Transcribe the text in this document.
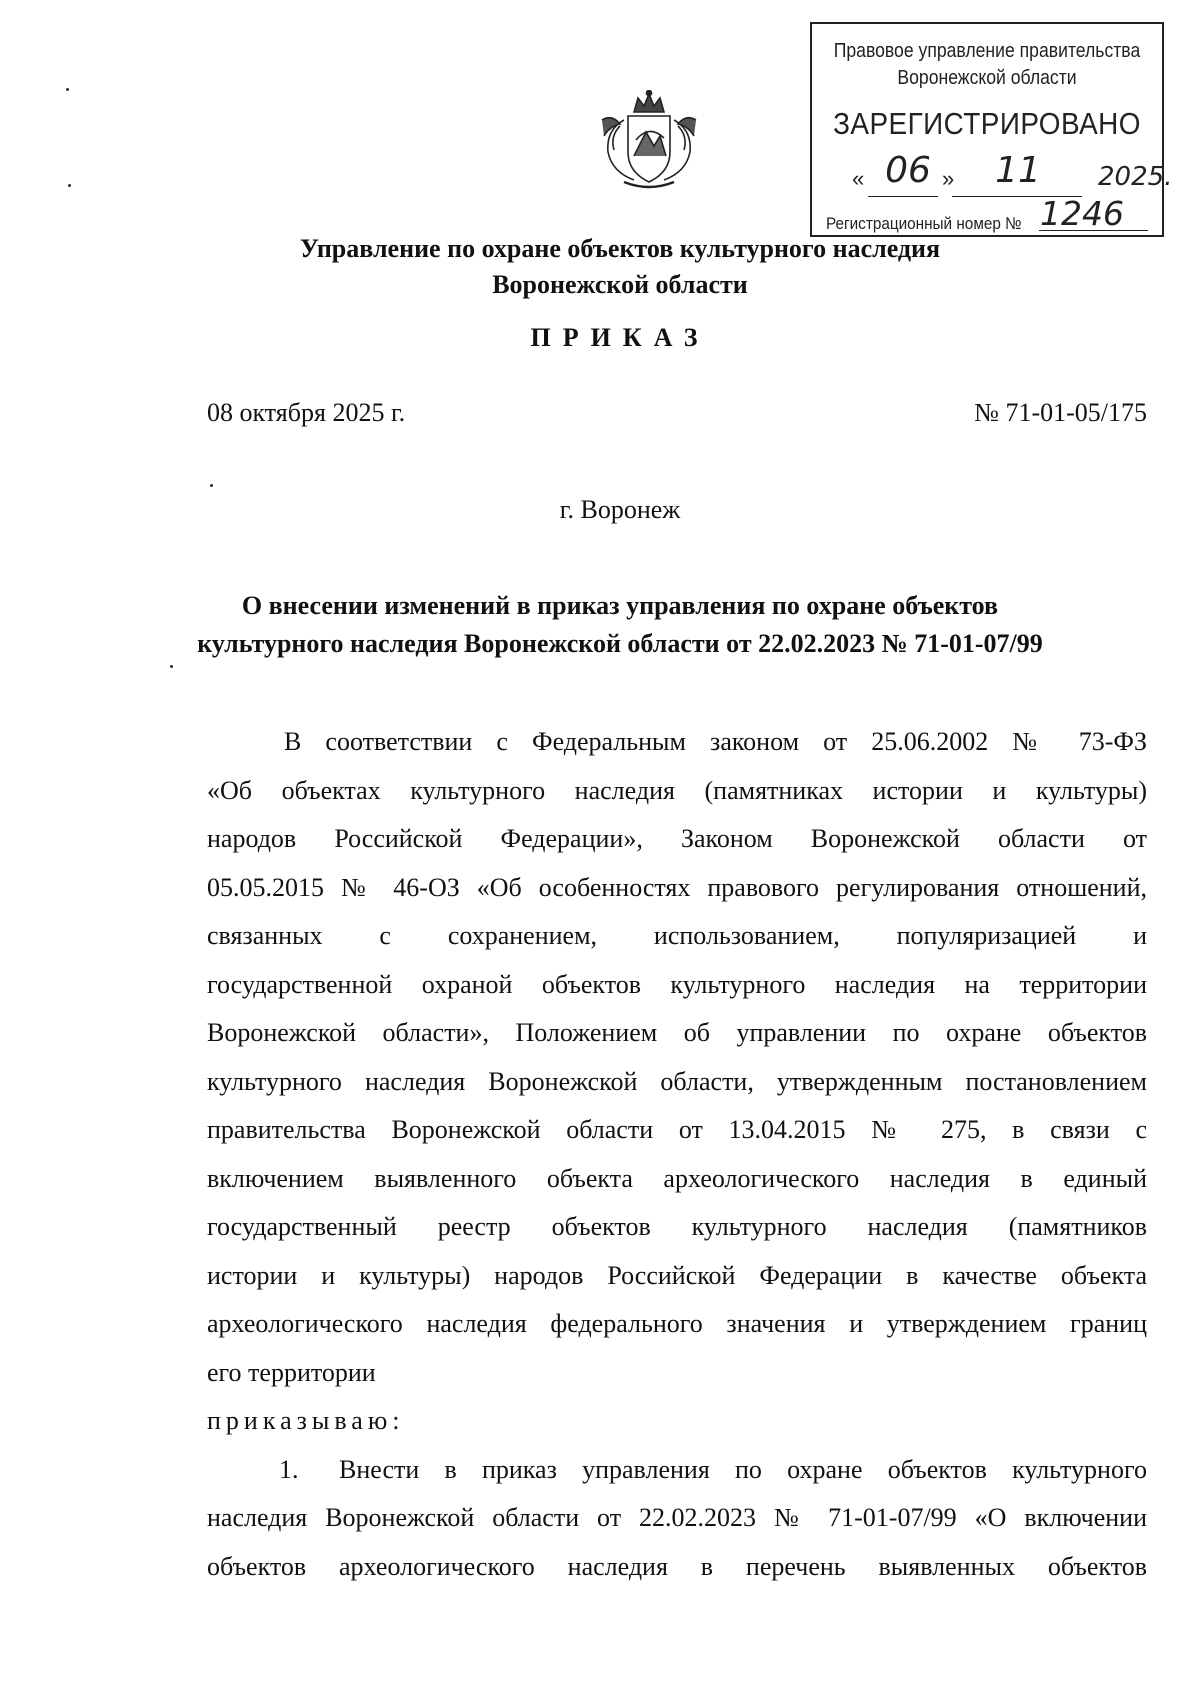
Правовое управление правительства
Воронежской области
ЗАРЕГИСТРИРОВАНО
« 06 »	11	2025.
Регистрационный номер № 1246
Управление по охране объектов культурного наследия
Воронежской области
ПРИКАЗ
08 октября 2025 г.	№ 71-01-05/175
г. Воронеж
О внесении изменений в приказ управления по охране объектов
культурного наследия Воронежской области от 22.02.2023 № 71-01-07/99
В соответствии с Федеральным законом от 25.06.2002 № 73-ФЗ
«Об объектах культурного наследия (памятниках истории и культуры)
народов Российской Федерации», Законом Воронежской области от
05.05.2015 № 46-ОЗ «Об особенностях правового регулирования отношений,
связанных с сохранением, использованием, популяризацией и
государственной охраной объектов культурного наследия на территории
Воронежской области», Положением об управлении по охране объектов
культурного наследия Воронежской области, утвержденным постановлением
правительства Воронежской области от 13.04.2015 № 275, в связи с
включением выявленного объекта археологического наследия в единый
государственный реестр объектов культурного наследия (памятников
истории и культуры) народов Российской Федерации в качестве объекта
археологического наследия федерального значения и утверждением границ
его территории
приказываю:
1.	Внести в приказ управления по охране объектов культурного
наследия Воронежской области от 22.02.2023 № 71-01-07/99 «О включении
объектов археологического наследия в перечень выявленных объектов
